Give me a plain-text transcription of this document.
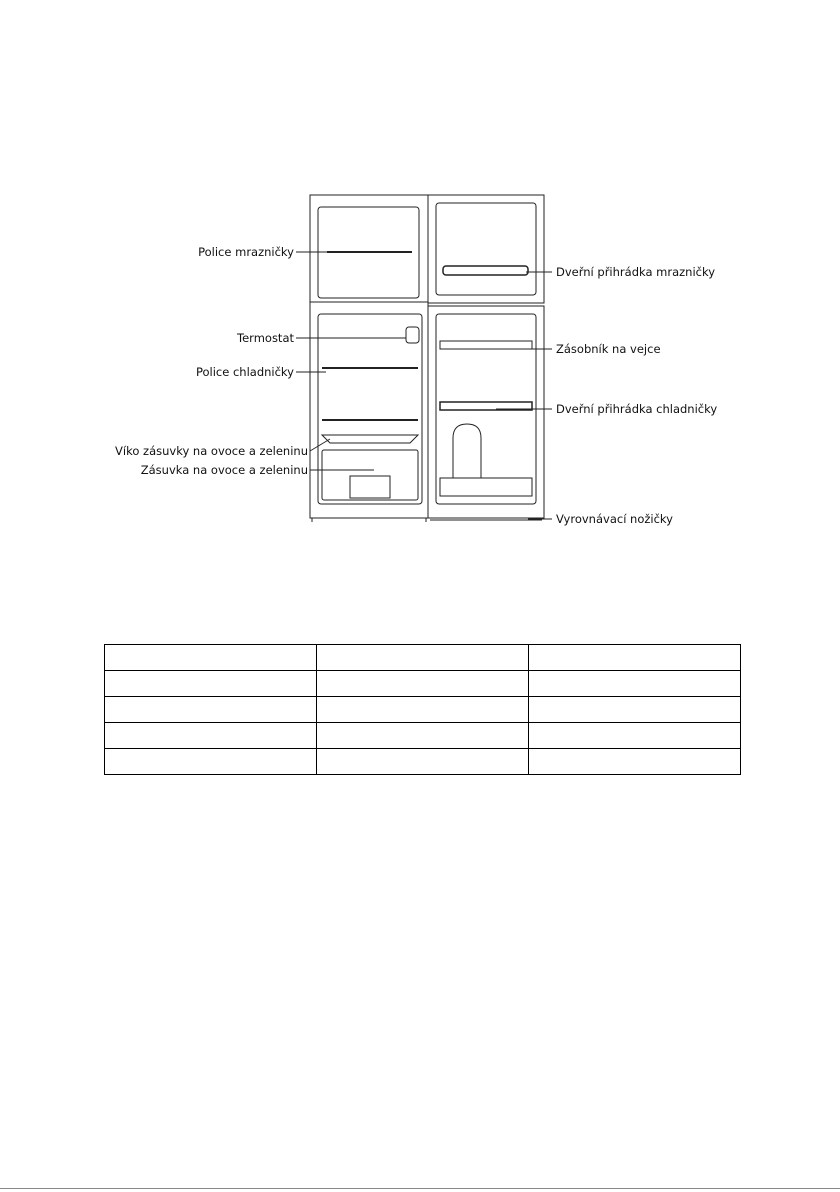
Police mrazničky
Termostat
Police chladničky
Víko zásuvky na ovoce a zeleninu
Zásuvka na ovoce a zeleninu
Dveřní přihrádka mrazničky
Zásobník na vejce
Dveřní přihrádka chladničky
Vyrovnávací nožičky
